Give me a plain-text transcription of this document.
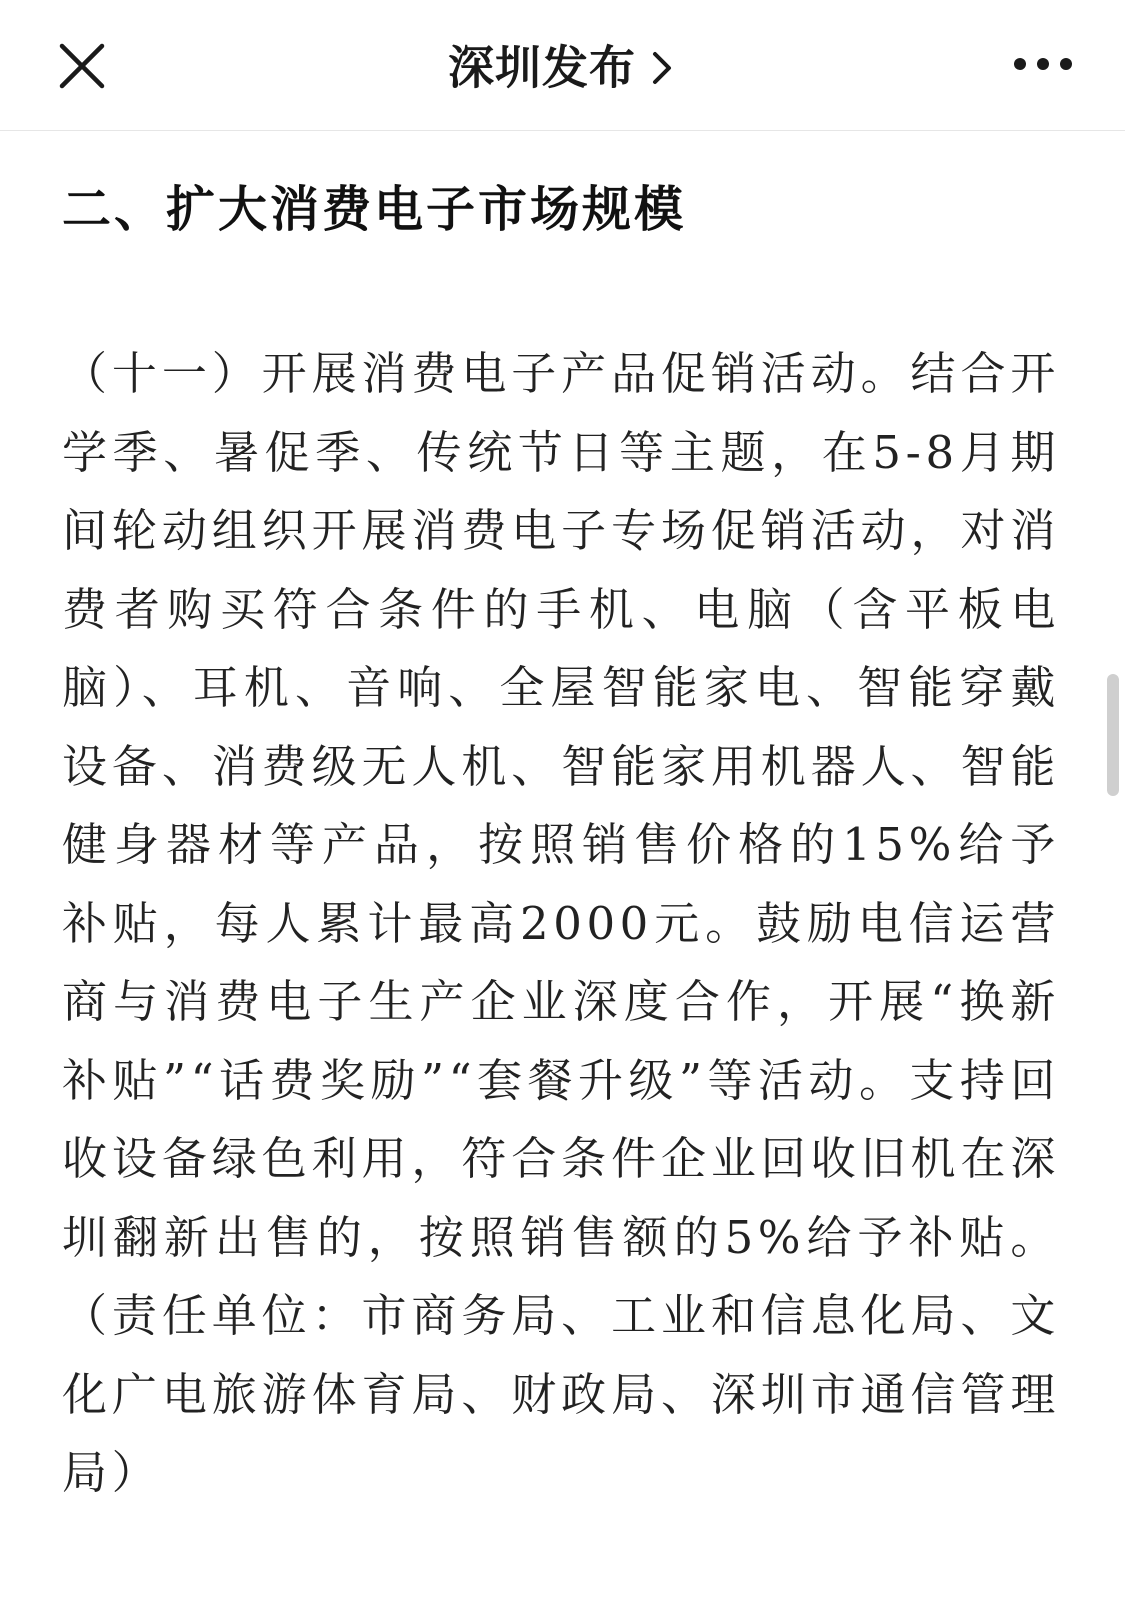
深圳发布
二、扩大消费电子市场规模

（十一）开展消费电子产品促销活动。结合开学季、暑促季、传统节日等主题，在5-8月期间轮动组织开展消费电子专场促销活动，对消费者购买符合条件的手机、电脑（含平板电脑）、耳机、音响、全屋智能家电、智能穿戴设备、消费级无人机、智能家用机器人、智能健身器材等产品，按照销售价格的15%给予补贴，每人累计最高2000元。鼓励电信运营商与消费电子生产企业深度合作，开展“换新补贴”“话费奖励”“套餐升级”等活动。支持回收设备绿色利用，符合条件企业回收旧机在深圳翻新出售的，按照销售额的5%给予补贴。（责任单位：市商务局、工业和信息化局、文化广电旅游体育局、财政局、深圳市通信管理局）
